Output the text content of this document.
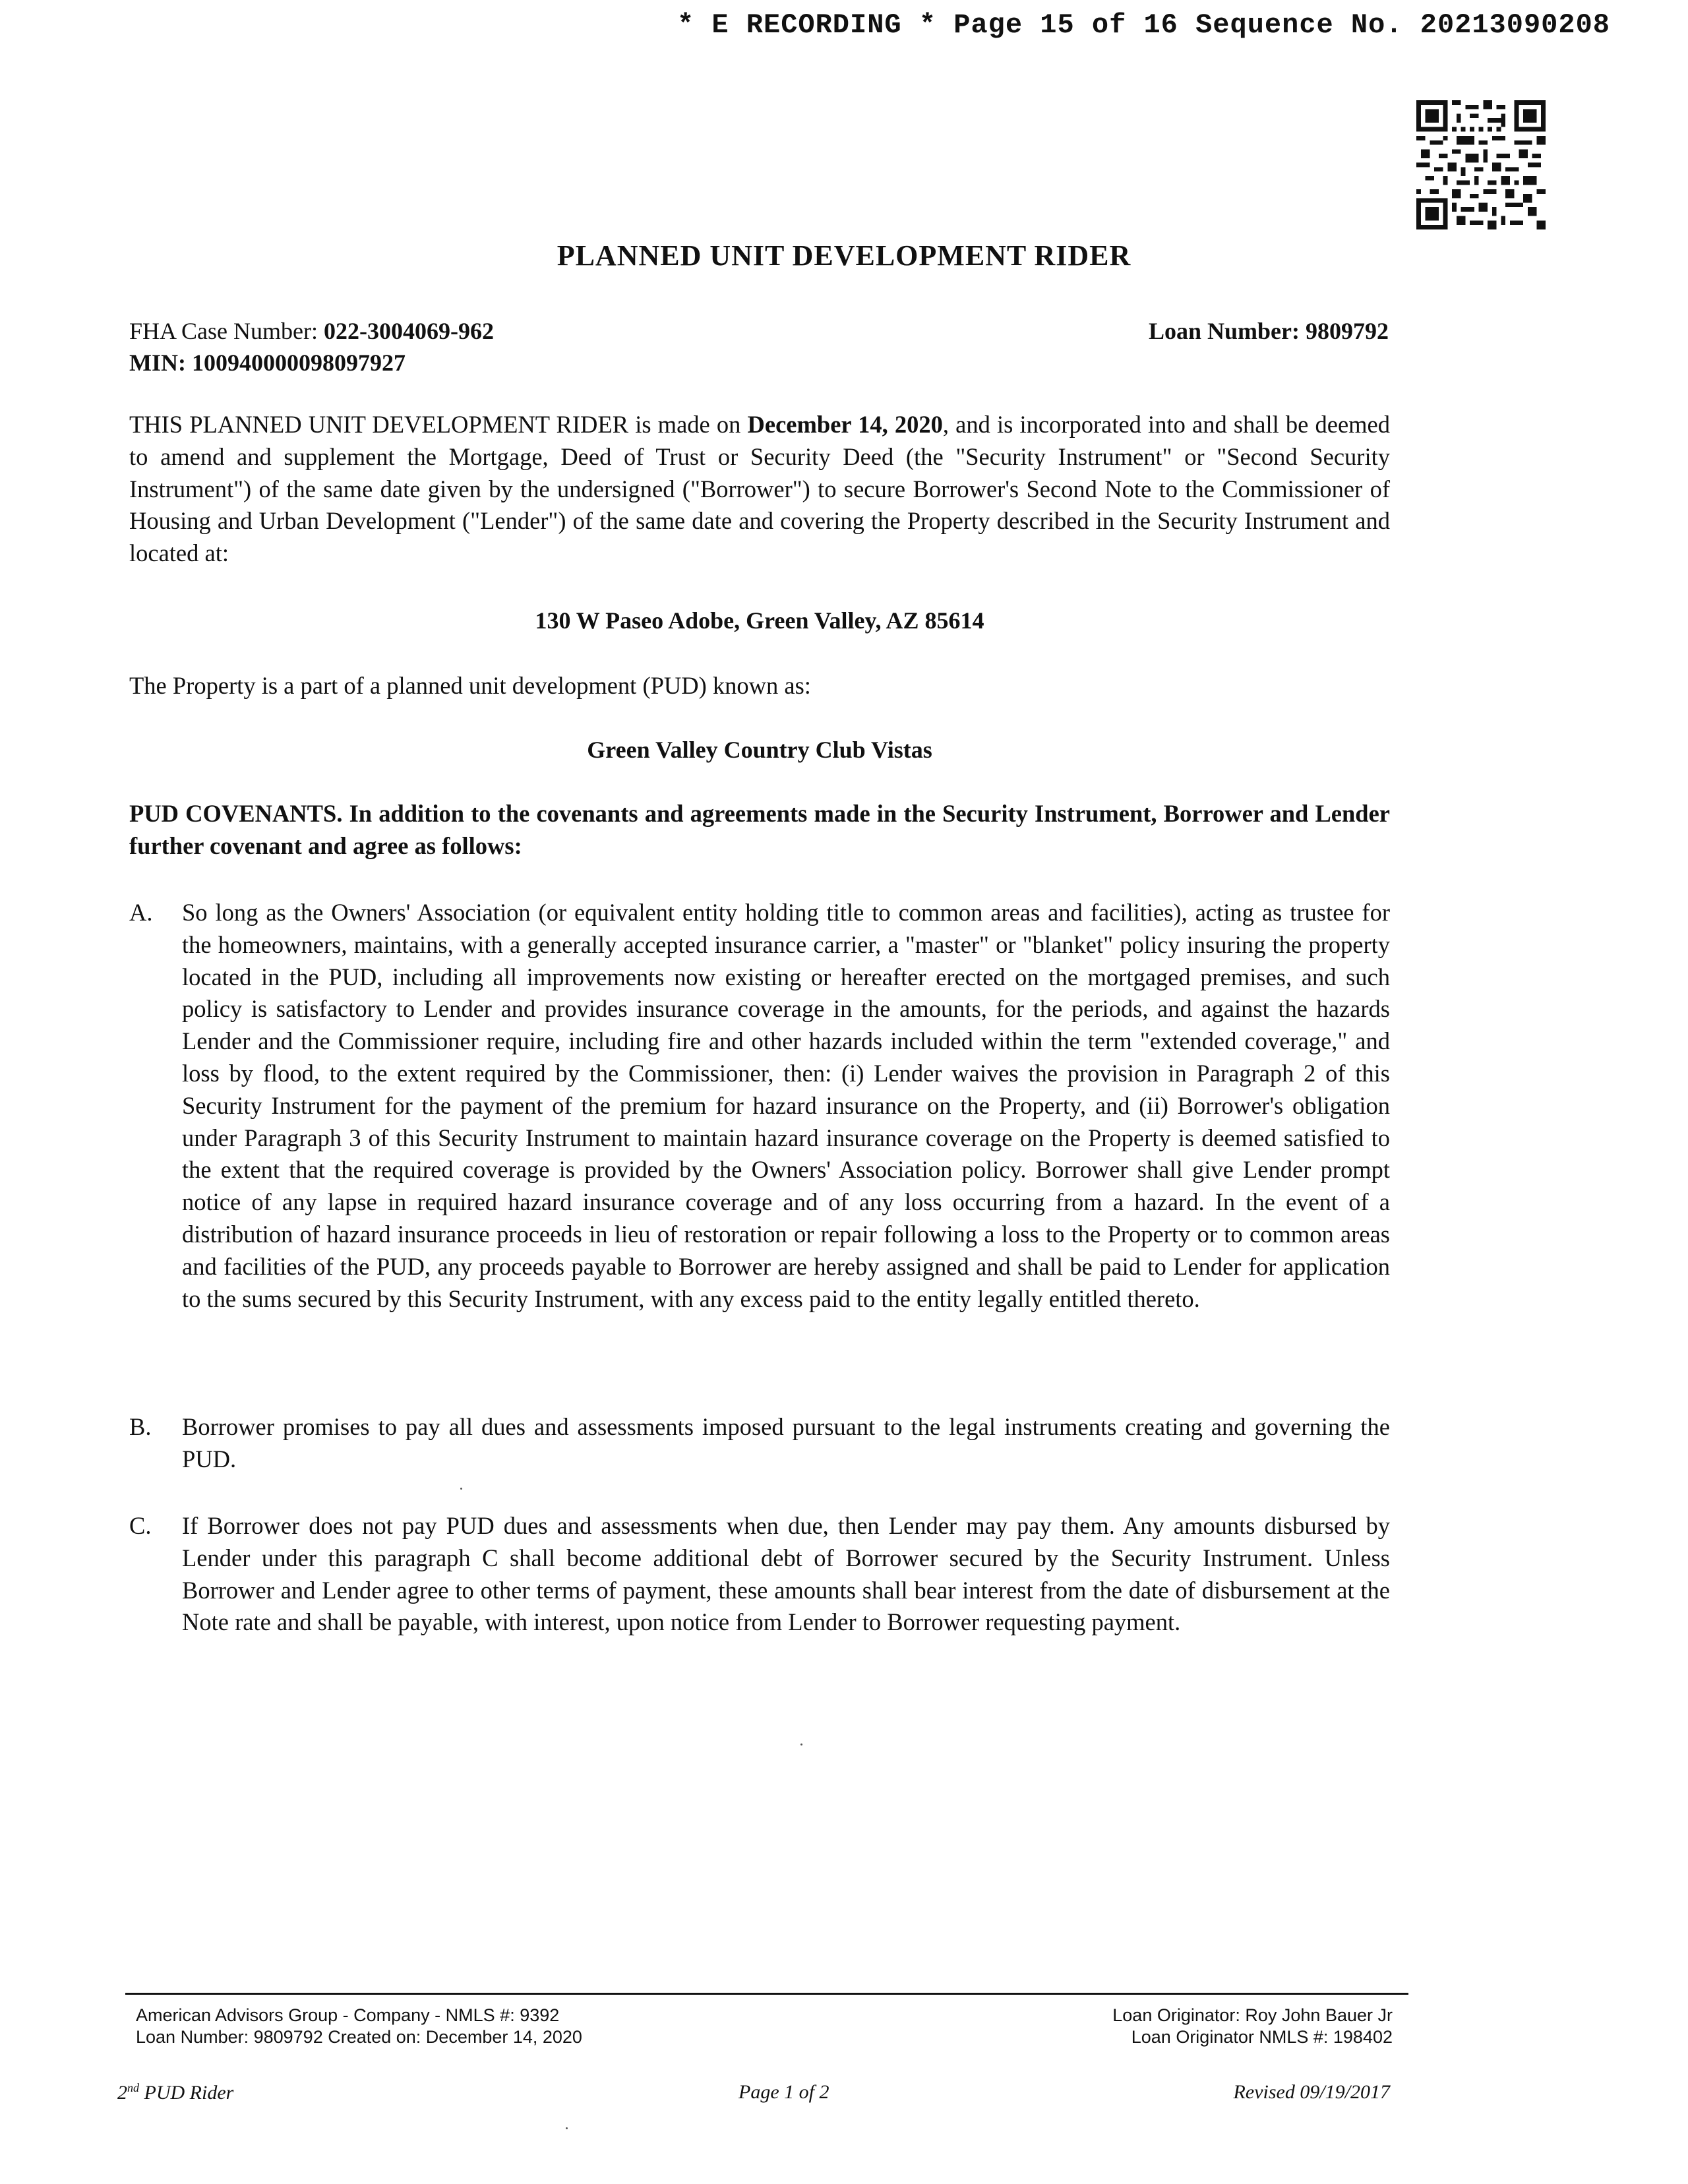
* E RECORDING * Page 15 of 16 Sequence No. 20213090208
PLANNED UNIT DEVELOPMENT RIDER
FHA Case Number: 022-3004069-962
MIN: 100940000098097927
Loan Number: 9809792
THIS PLANNED UNIT DEVELOPMENT RIDER is made on December 14, 2020, and is incorporated into and shall be deemed to amend and supplement the Mortgage, Deed of Trust or Security Deed (the "Security Instrument" or "Second Security Instrument") of the same date given by the undersigned ("Borrower") to secure Borrower's Second Note to the Commissioner of Housing and Urban Development ("Lender") of the same date and covering the Property described in the Security Instrument and located at:
130 W Paseo Adobe, Green Valley, AZ 85614
The Property is a part of a planned unit development (PUD) known as:
Green Valley Country Club Vistas
PUD COVENANTS. In addition to the covenants and agreements made in the Security Instrument, Borrower and Lender further covenant and agree as follows:
A.	So long as the Owners' Association (or equivalent entity holding title to common areas and facilities), acting as trustee for the homeowners, maintains, with a generally accepted insurance carrier, a "master" or "blanket" policy insuring the property located in the PUD, including all improvements now existing or hereafter erected on the mortgaged premises, and such policy is satisfactory to Lender and provides insurance coverage in the amounts, for the periods, and against the hazards Lender and the Commissioner require, including fire and other hazards included within the term "extended coverage," and loss by flood, to the extent required by the Commissioner, then: (i) Lender waives the provision in Paragraph 2 of this Security Instrument for the payment of the premium for hazard insurance on the Property, and (ii) Borrower's obligation under Paragraph 3 of this Security Instrument to maintain hazard insurance coverage on the Property is deemed satisfied to the extent that the required coverage is provided by the Owners' Association policy. Borrower shall give Lender prompt notice of any lapse in required hazard insurance coverage and of any loss occurring from a hazard. In the event of a distribution of hazard insurance proceeds in lieu of restoration or repair following a loss to the Property or to common areas and facilities of the PUD, any proceeds payable to Borrower are hereby assigned and shall be paid to Lender for application to the sums secured by this Security Instrument, with any excess paid to the entity legally entitled thereto.
B.	Borrower promises to pay all dues and assessments imposed pursuant to the legal instruments creating and governing the PUD.
C.	If Borrower does not pay PUD dues and assessments when due, then Lender may pay them. Any amounts disbursed by Lender under this paragraph C shall become additional debt of Borrower secured by the Security Instrument. Unless Borrower and Lender agree to other terms of payment, these amounts shall bear interest from the date of disbursement at the Note rate and shall be payable, with interest, upon notice from Lender to Borrower requesting payment.
American Advisors Group - Company - NMLS #: 9392
Loan Number: 9809792 Created on: December 14, 2020
Loan Originator: Roy John Bauer Jr
Loan Originator NMLS #: 198402
2nd PUD Rider	Page 1 of 2	Revised 09/19/2017
